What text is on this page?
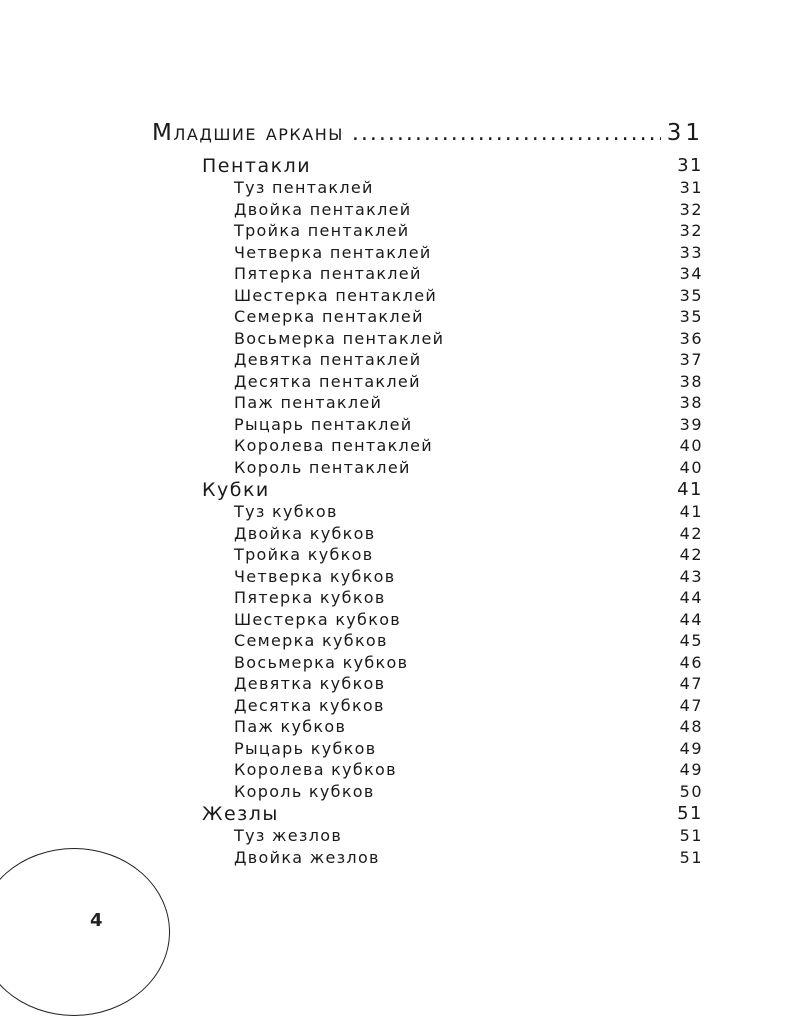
Младшие арканы .....	31
Пентакли	31
Туз пентаклей	31
Двойка пентаклей	32
Тройка пентаклей	32
Четверка пентаклей	33
Пятерка пентаклей	34
Шестерка пентаклей	35
Семерка пентаклей	35
Восьмерка пентаклей	36
Девятка пентаклей	37
Десятка пентаклей	38
Паж пентаклей	38
Рыцарь пентаклей	39
Королева пентаклей	40
Король пентаклей	40
Кубки	41
Туз кубков	41
Двойка кубков	42
Тройка кубков	42
Четверка кубков	43
Пятерка кубков	44
Шестерка кубков	44
Семерка кубков	45
Восьмерка кубков	46
Девятка кубков	47
Десятка кубков	47
Паж кубков	48
Рыцарь кубков	49
Королева кубков	49
Король кубков	50
Жезлы	51
Туз жезлов	51
Двойка жезлов	51
4
